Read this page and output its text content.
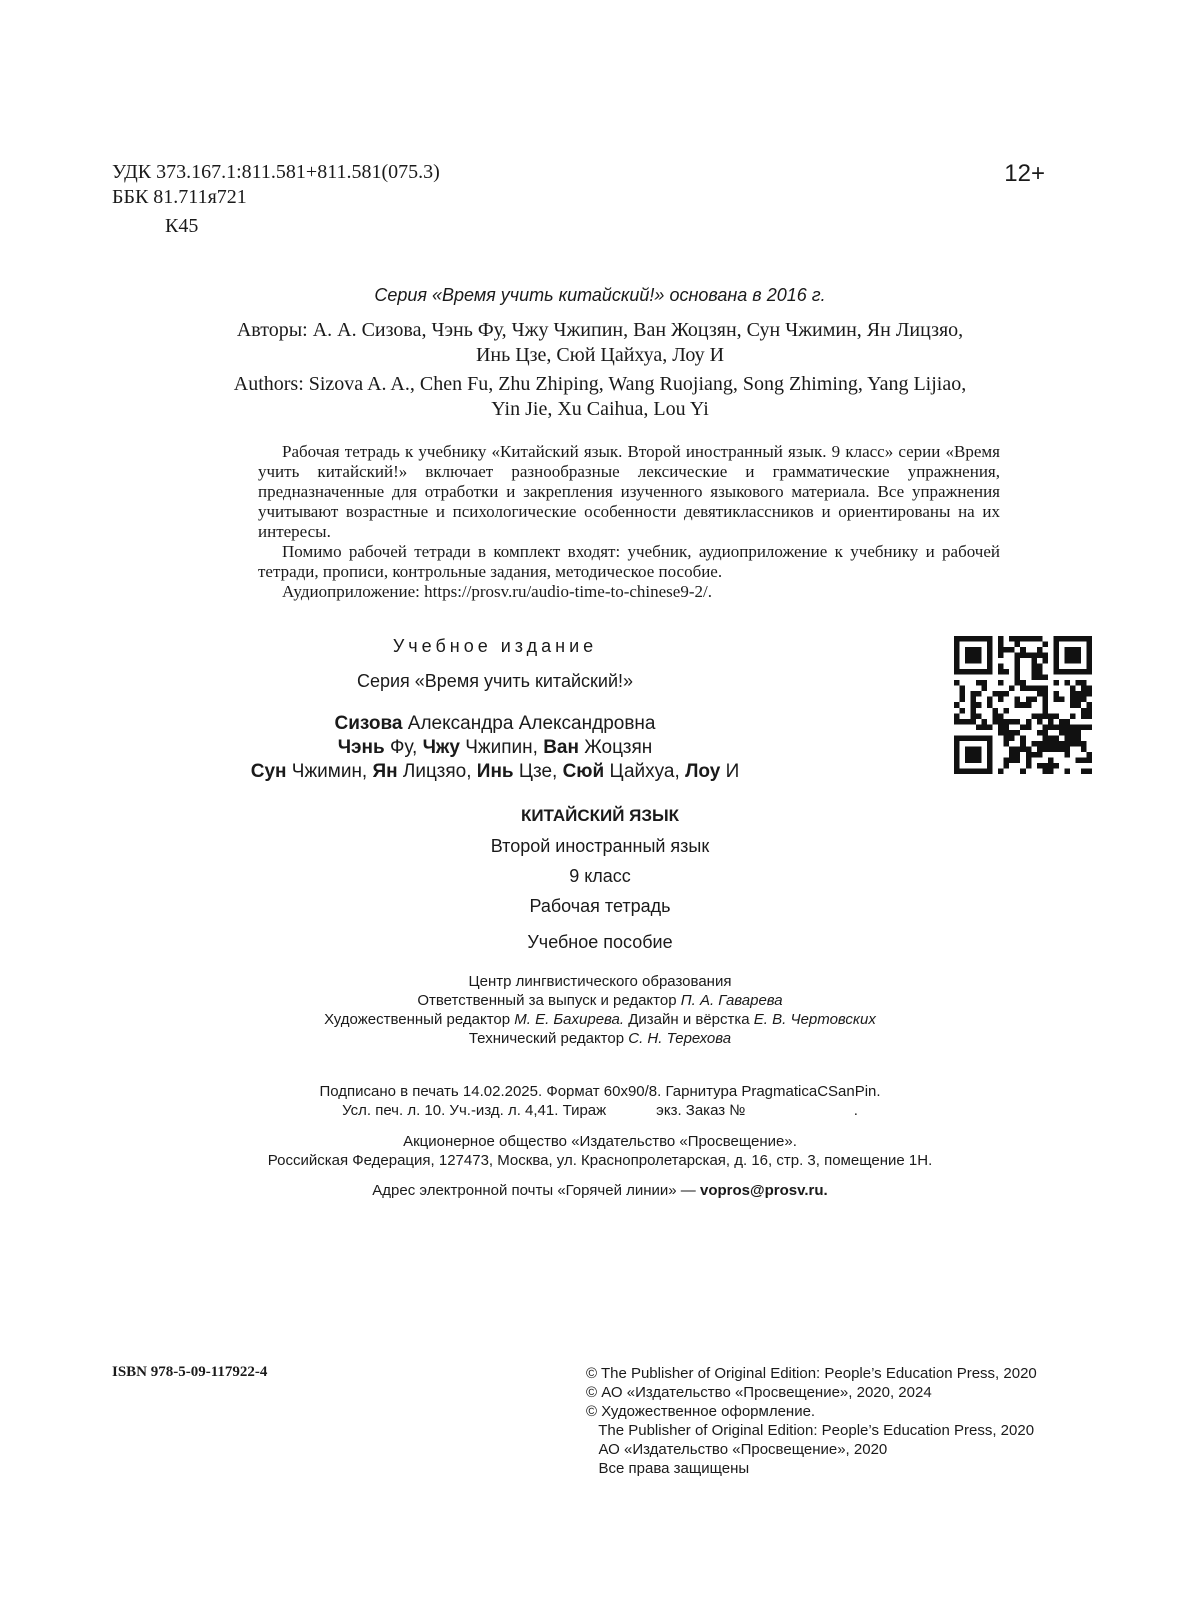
УДК 373.167.1:811.581+811.581(075.3)
ББК 81.711я721
К45
12+
Серия «Время учить китайский!» основана в 2016 г.
Авторы: А. А. Сизова, Чэнь Фу, Чжу Чжипин, Ван Жоцзян, Сун Чжимин, Ян Лицзяо,
Инь Цзе, Сюй Цайхуа, Лоу И
Authors: Sizova A. A., Chen Fu, Zhu Zhiping, Wang Ruojiang, Song Zhiming, Yang Lijiao,
Yin Jie, Xu Caihua, Lou Yi

Рабочая тетрадь к учебнику «Китайский язык. Второй иностранный язык. 9 класс» серии «Время учить китайский!» включает разнообразные лексические и грамматические упражнения, предназначенные для отработки и закрепления изученного языкового материала. Все упражнения учитывают возрастные и психологические особенности девятиклассников и ориентированы на их интересы.

Помимо рабочей тетради в комплект входят: учебник, аудиоприложение к учебнику и рабочей тетради, прописи, контрольные задания, методическое пособие.

Аудиоприложение: https://prosv.ru/audio-time-to-chinese9-2/.

Учебное издание
Серия «Время учить китайский!»
Сизова Александра Александровна
Чэнь Фу, Чжу Чжипин, Ван Жоцзян
Сун Чжимин, Ян Лицзяо, Инь Цзе, Сюй Цайхуа, Лоу И
КИТАЙСКИЙ ЯЗЫК
Второй иностранный язык
9 класс
Рабочая тетрадь
Учебное пособие
Центр лингвистического образования
Ответственный за выпуск и редактор П. А. Гаварева
Художественный редактор М. Е. Бахирева. Дизайн и вёрстка Е. В. Чертовских
Технический редактор С. Н. Терехова
Подписано в печать 14.02.2025. Формат 60x90/8. Гарнитура PragmaticaCSanPin.
Усл. печ. л. 10. Уч.-изд. л. 4,41. Тираж            экз. Заказ №                          .
Акционерное общество «Издательство «Просвещение».
Российская Федерация, 127473, Москва, ул. Краснопролетарская, д. 16, стр. 3, помещение 1Н.
Адрес электронной почты «Горячей линии» — vopros@prosv.ru.
ISBN 978-5-09-117922-4	© The Publisher of Original Edition: People’s Education Press, 2020
© АО «Издательство «Просвещение», 2020, 2024
© Художественное оформление.
The Publisher of Original Edition: People’s Education Press, 2020
АО «Издательство «Просвещение», 2020
Все права защищены
